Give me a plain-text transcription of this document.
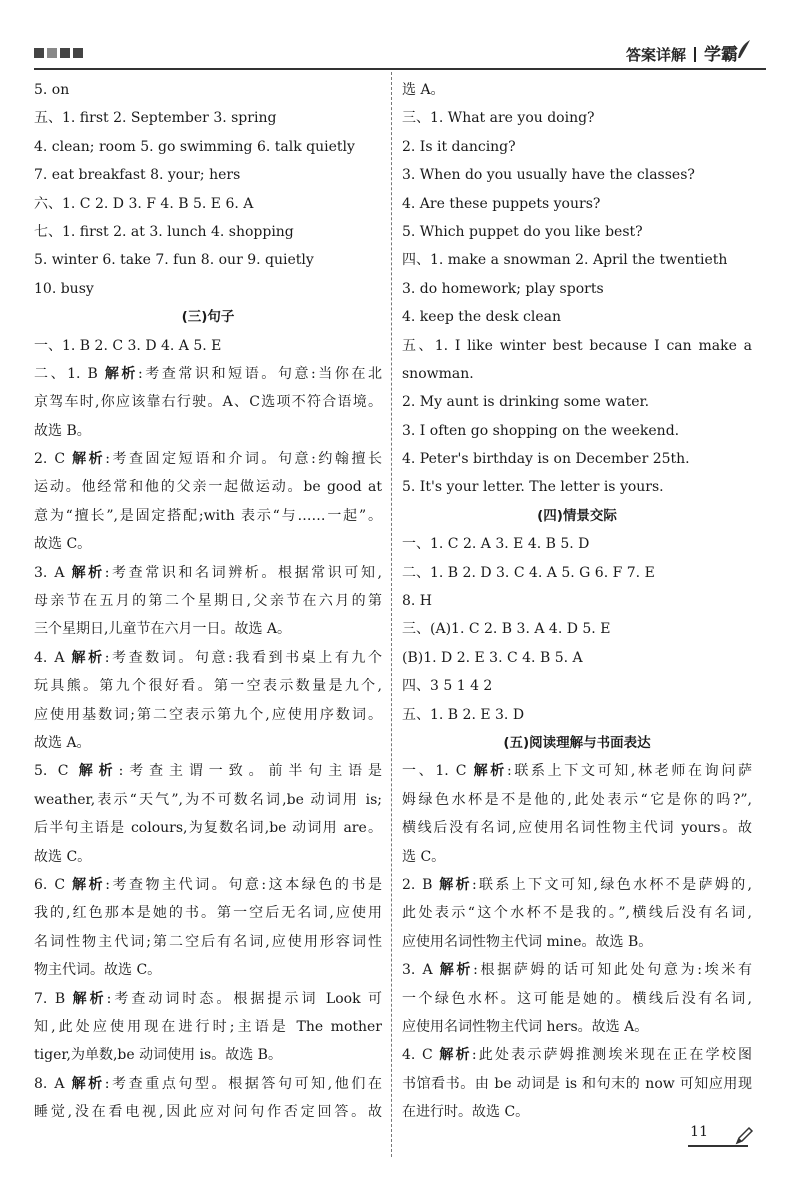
答案详解 学霸
5. on
五、1. first 2. September 3. spring
4. clean; room 5. go swimming 6. talk quietly
7. eat breakfast 8. your; hers
六、1. C 2. D 3. F 4. B 5. E 6. A
七、1. first 2. at 3. lunch 4. shopping
5. winter 6. take 7. fun 8. our 9. quietly
10. busy
(三)句子
一、1. B 2. C 3. D 4. A 5. E
二、1. B 解析:考查常识和短语。句意:当你在北
京驾车时,你应该靠右行驶。A、C选项不符合语境。
故选 B。
2. C 解析:考查固定短语和介词。句意:约翰擅长
运动。他经常和他的父亲一起做运动。be good at
意为“擅长”,是固定搭配;with 表示“与……一起”。
故选 C。
3. A 解析:考查常识和名词辨析。根据常识可知,
母亲节在五月的第二个星期日,父亲节在六月的第
三个星期日,儿童节在六月一日。故选 A。
4. A 解析:考查数词。句意:我看到书桌上有九个
玩具熊。第九个很好看。第一空表示数量是九个,
应使用基数词;第二空表示第九个,应使用序数词。
故选 A。
5. C 解析:考查主谓一致。前半句主语是
weather,表示“天气”,为不可数名词,be 动词用 is;
后半句主语是 colours,为复数名词,be 动词用 are。
故选 C。
6. C 解析:考查物主代词。句意:这本绿色的书是
我的,红色那本是她的书。第一空后无名词,应使用
名词性物主代词;第二空后有名词,应使用形容词性
物主代词。故选 C。
7. B 解析:考查动词时态。根据提示词 Look 可
知,此处应使用现在进行时;主语是 The mother
tiger,为单数,be 动词使用 is。故选 B。
8. A 解析:考查重点句型。根据答句可知,他们在
睡觉,没在看电视,因此应对问句作否定回答。故
选 A。
三、1. What are you doing?
2. Is it dancing?
3. When do you usually have the classes?
4. Are these puppets yours?
5. Which puppet do you like best?
四、1. make a snowman 2. April the twentieth
3. do homework; play sports
4. keep the desk clean
五、1. I like winter best because I can make a
snowman.
2. My aunt is drinking some water.
3. I often go shopping on the weekend.
4. Peter's birthday is on December 25th.
5. It's your letter. The letter is yours.
(四)情景交际
一、1. C 2. A 3. E 4. B 5. D
二、1. B 2. D 3. C 4. A 5. G 6. F 7. E
8. H
三、(A)1. C 2. B 3. A 4. D 5. E
(B)1. D 2. E 3. C 4. B 5. A
四、3 5 1 4 2
五、1. B 2. E 3. D
(五)阅读理解与书面表达
一、1. C 解析:联系上下文可知,林老师在询问萨
姆绿色水杯是不是他的,此处表示“它是你的吗?”,
横线后没有名词,应使用名词性物主代词 yours。故
选 C。
2. B 解析:联系上下文可知,绿色水杯不是萨姆的,
此处表示“这个水杯不是我的。”,横线后没有名词,
应使用名词性物主代词 mine。故选 B。
3. A 解析:根据萨姆的话可知此处句意为:埃米有
一个绿色水杯。这可能是她的。横线后没有名词,
应使用名词性物主代词 hers。故选 A。
4. C 解析:此处表示萨姆推测埃米现在正在学校图
书馆看书。由 be 动词是 is 和句末的 now 可知应用现
在进行时。故选 C。
11
